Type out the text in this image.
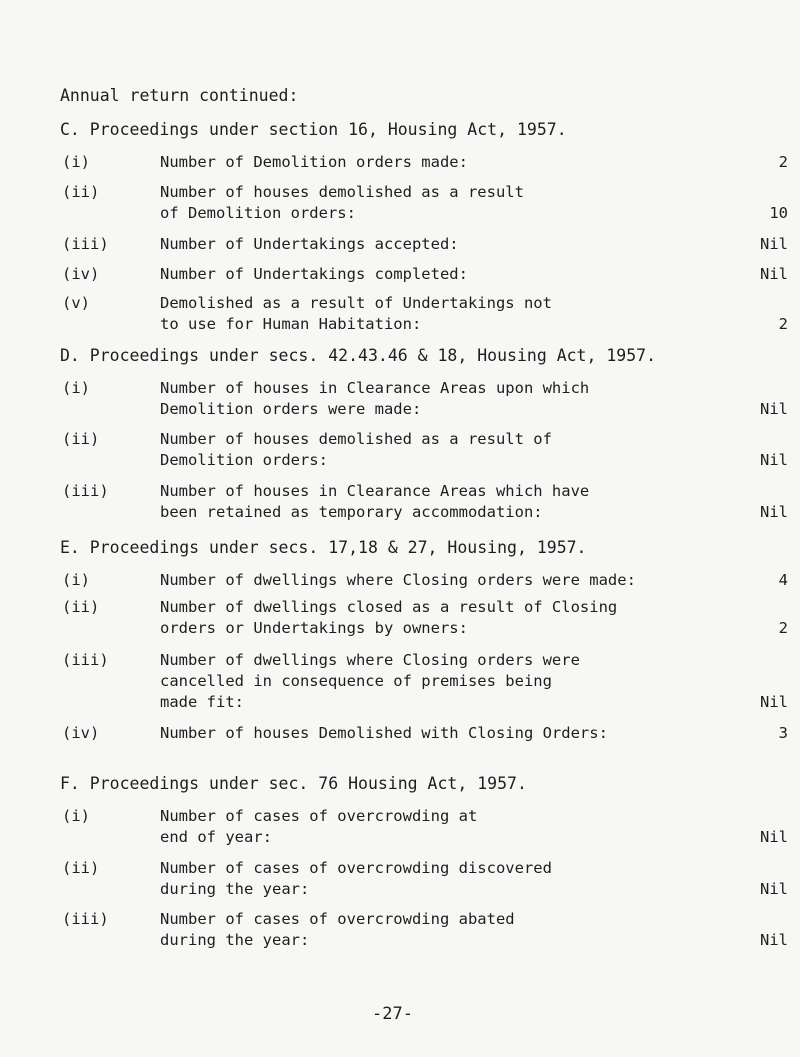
Annual return continued:
C. Proceedings under section 16, Housing Act, 1957.
(i)	Number of Demolition orders made:	2
(ii)	Number of houses demolished as a result
of Demolition orders:	10
(iii)	Number of Undertakings accepted:	Nil
(iv)	Number of Undertakings completed:	Nil
(v)	Demolished as a result of Undertakings not
to use for Human Habitation:	2
D. Proceedings under secs. 42.43.46 & 18, Housing Act, 1957.
(i)	Number of houses in Clearance Areas upon which
Demolition orders were made:	Nil
(ii)	Number of houses demolished as a result of
Demolition orders:	Nil
(iii)	Number of houses in Clearance Areas which have
been retained as temporary accommodation:	Nil
E. Proceedings under secs. 17,18 & 27, Housing, 1957.
(i)	Number of dwellings where Closing orders were made:	4
(ii)	Number of dwellings closed as a result of Closing
orders or Undertakings by owners:	2
(iii)	Number of dwellings where Closing orders were
cancelled in consequence of premises being
made fit:	Nil
(iv)	Number of houses Demolished with Closing Orders:	3
F. Proceedings under sec. 76 Housing Act, 1957.
(i)	Number of cases of overcrowding at
end of year:	Nil
(ii)	Number of cases of overcrowding discovered
during the year:	Nil
(iii)	Number of cases of overcrowding abated
during the year:	Nil
-27-
